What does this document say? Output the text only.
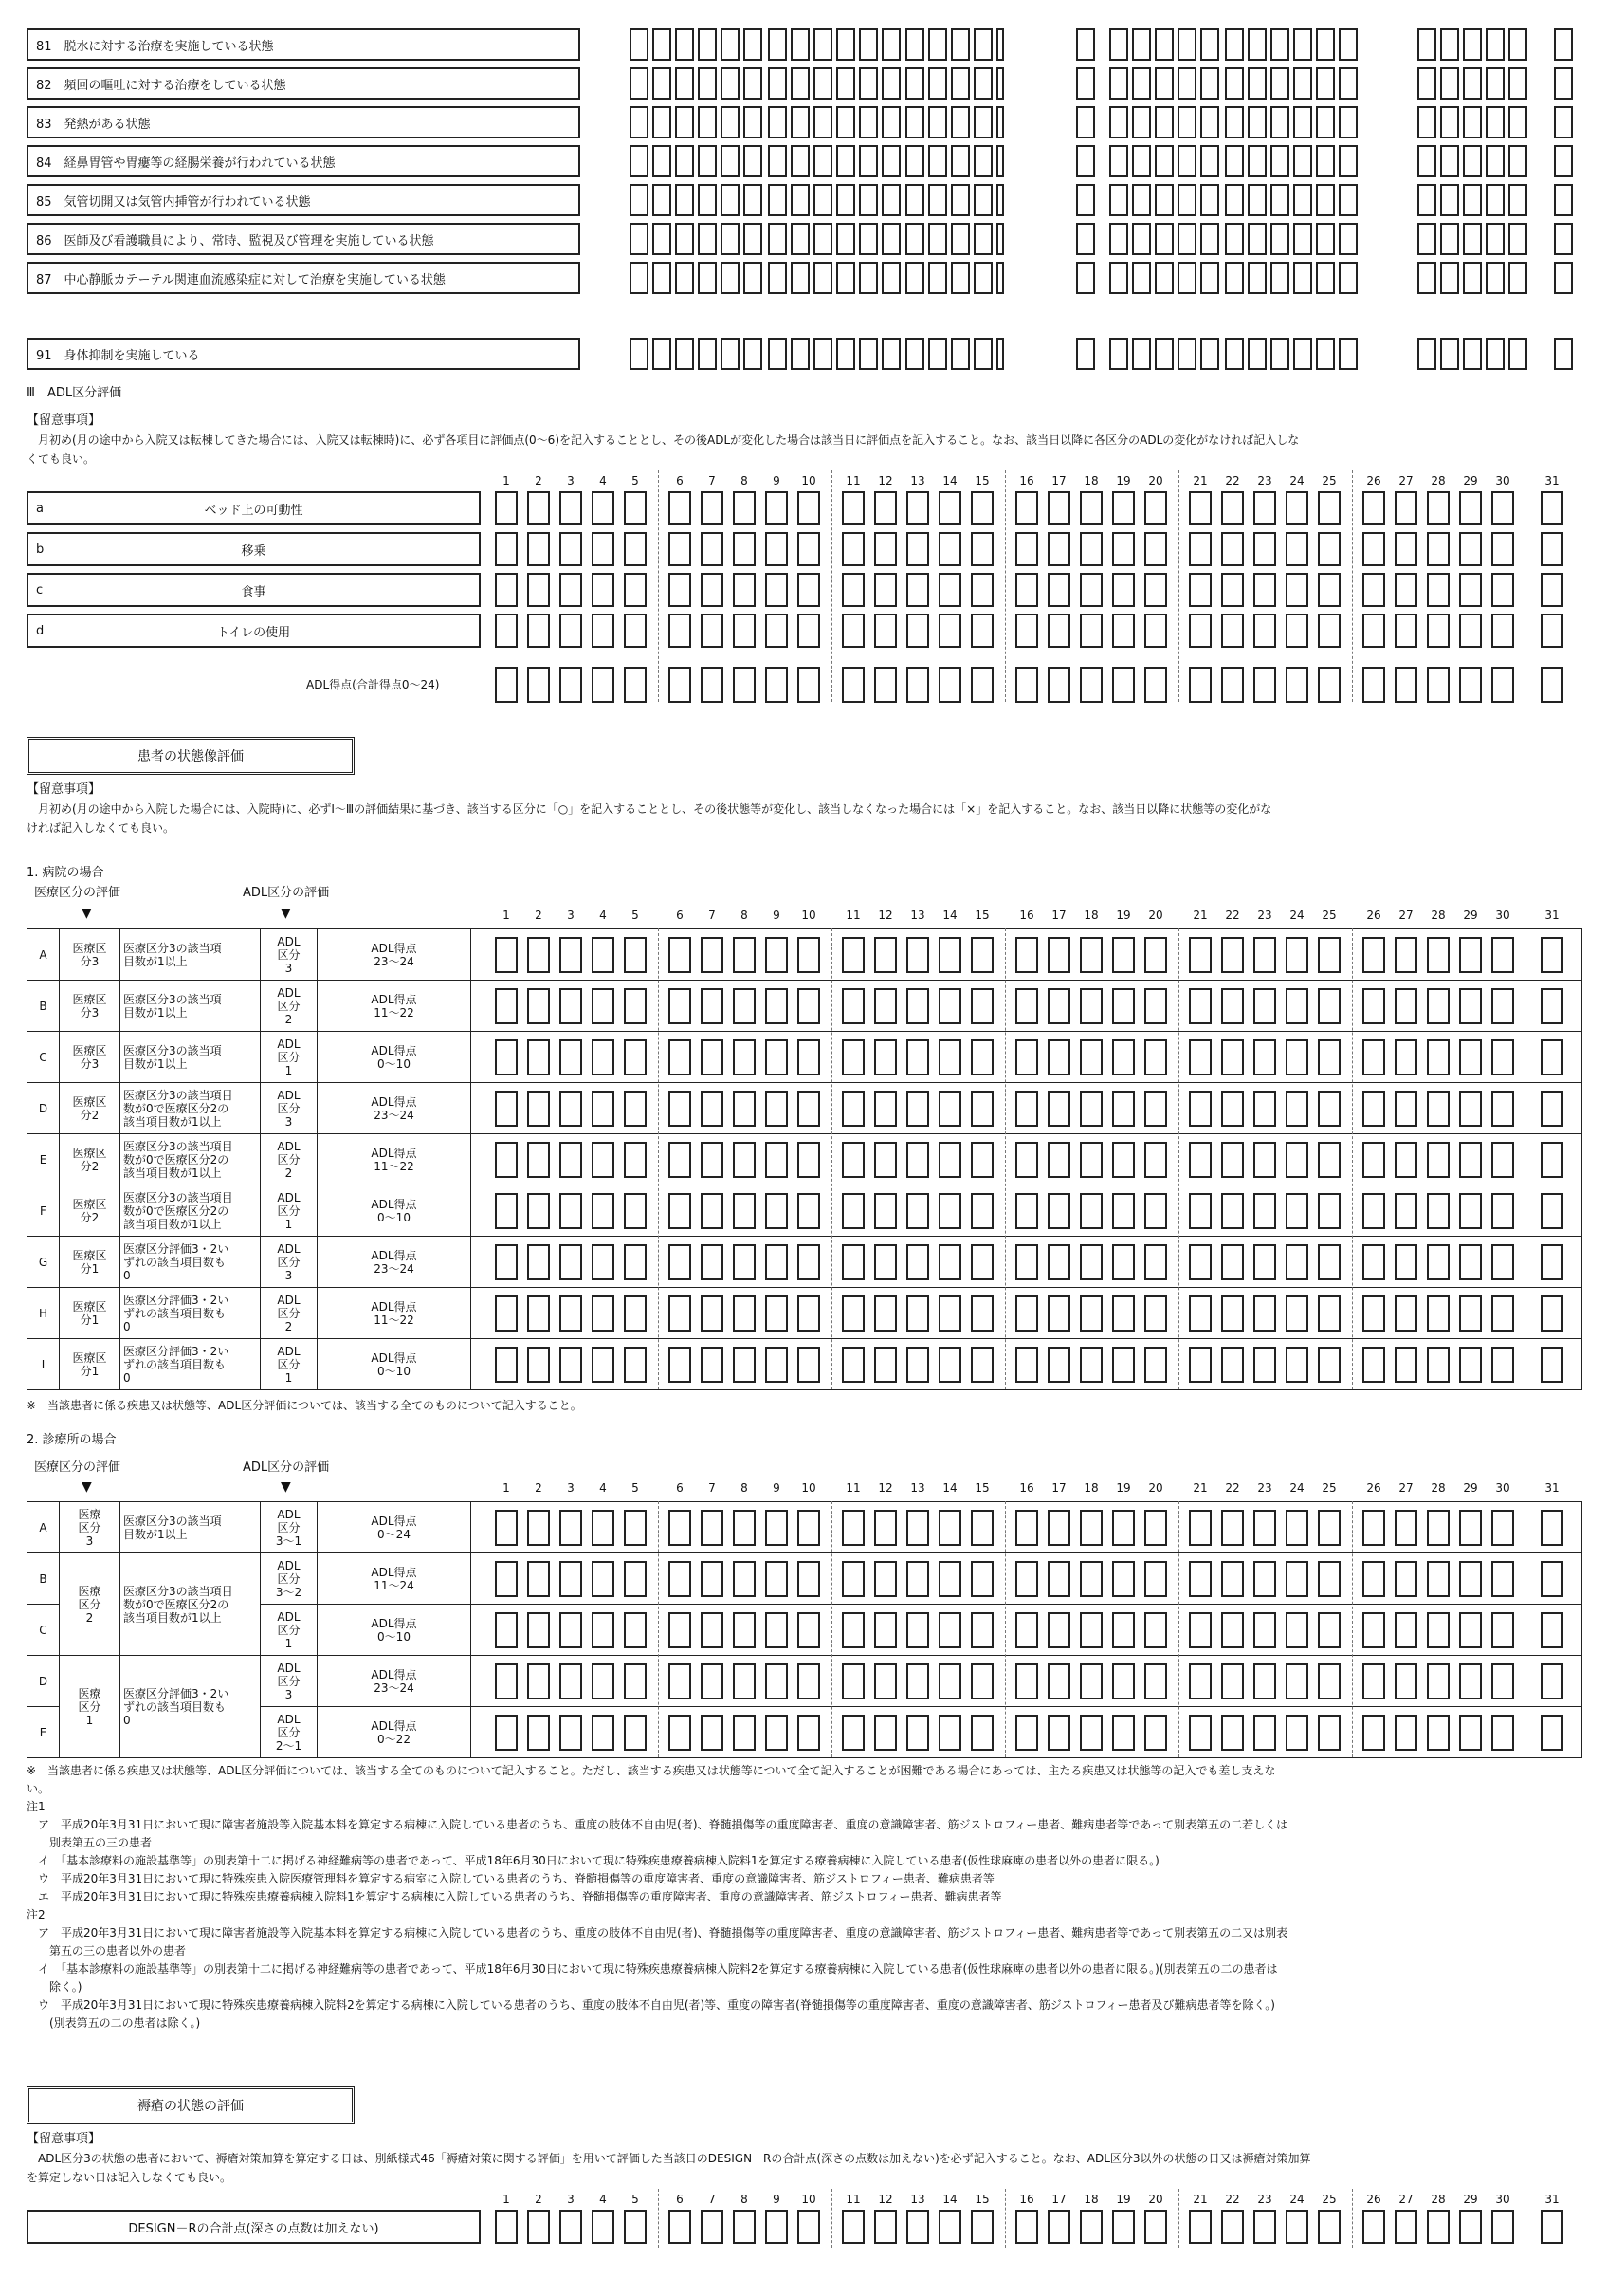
81　脱水に対する治療を実施している状態
82　頻回の嘔吐に対する治療をしている状態
83　発熱がある状態
84　経鼻胃管や胃瘻等の経腸栄養が行われている状態
85　気管切開又は気管内挿管が行われている状態
86　医師及び看護職員により、常時、監視及び管理を実施している状態
87　中心静脈カテーテル関連血流感染症に対して治療を実施している状態
91　身体抑制を実施している
Ⅲ　ADL区分評価
【留意事項】
　月初め(月の途中から入院又は転棟してきた場合には、入院又は転棟時)に、必ず各項目に評価点(0～6)を記入することとし、その後ADLが変化した場合は該当日に評価点を記入すること。なお、該当日以降に各区分のADLの変化がなければ記入しな
くても良い。
1	2	3	4	5	6	7	8	9	10	11	12	13	14	15	16	17	18	19	20	21	22	23	24	25	26	27	28	29	30	31
a	ベッド上の可動性
b	移乗
c	食事
d	トイレの使用
ADL得点(合計得点0～24)
患者の状態像評価
【留意事項】
　月初め(月の途中から入院した場合には、入院時)に、必ずⅠ～Ⅲの評価結果に基づき、該当する区分に「○」を記入することとし、その後状態等が変化し、該当しなくなった場合には「×」を記入すること。なお、該当日以降に状態等の変化がな
ければ記入しなくても良い。
1. 病院の場合
医療区分の評価	ADL区分の評価
▼	▼	1	2	3	4	5	6	7	8	9	10	11	12	13	14	15	16	17	18	19	20	21	22	23	24	25	26	27	28	29	30	31
A	医療区
分3	医療区分3の該当項
目数が1以上	ADL
区分
3	ADL得点
23～24	
B	医療区
分3	医療区分3の該当項
目数が1以上	ADL
区分
2	ADL得点
11～22	
C	医療区
分3	医療区分3の該当項
目数が1以上	ADL
区分
1	ADL得点
0～10	
D	医療区
分2	医療区分3の該当項目
数が0で医療区分2の
該当項目数が1以上	ADL
区分
3	ADL得点
23～24	
E	医療区
分2	医療区分3の該当項目
数が0で医療区分2の
該当項目数が1以上	ADL
区分
2	ADL得点
11～22	
F	医療区
分2	医療区分3の該当項目
数が0で医療区分2の
該当項目数が1以上	ADL
区分
1	ADL得点
0～10	
G	医療区
分1	医療区分評価3・2い
ずれの該当項目数も
0	ADL
区分
3	ADL得点
23～24	
H	医療区
分1	医療区分評価3・2い
ずれの該当項目数も
0	ADL
区分
2	ADL得点
11～22	
I	医療区
分1	医療区分評価3・2い
ずれの該当項目数も
0	ADL
区分
1	ADL得点
0～10	
※　当該患者に係る疾患又は状態等、ADL区分評価については、該当する全てのものについて記入すること。
2. 診療所の場合
医療区分の評価	ADL区分の評価
▼	▼	1	2	3	4	5	6	7	8	9	10	11	12	13	14	15	16	17	18	19	20	21	22	23	24	25	26	27	28	29	30	31
A	医療
区分
3	医療区分3の該当項
目数が1以上	ADL
区分
3～1	ADL得点
0～24	
B	医療
区分
2	医療区分3の該当項目
数が0で医療区分2の
該当項目数が1以上	ADL
区分
3～2	ADL得点
11～24	
C			ADL
区分
1	ADL得点
0～10	
D	医療
区分
1	医療区分評価3・2い
ずれの該当項目数も
0	ADL
区分
3	ADL得点
23～24	
E			ADL
区分
2～1	ADL得点
0～22	
※　当該患者に係る疾患又は状態等、ADL区分評価については、該当する全てのものについて記入すること。ただし、該当する疾患又は状態等について全て記入することが困難である場合にあっては、主たる疾患又は状態等の記入でも差し支えな
い。
注1
　ア　平成20年3月31日において現に障害者施設等入院基本料を算定する病棟に入院している患者のうち、重度の肢体不自由児(者)、脊髄損傷等の重度障害者、重度の意識障害者、筋ジストロフィー患者、難病患者等であって別表第五の二若しくは
　　別表第五の三の患者
　イ　「基本診療料の施設基準等」の別表第十二に掲げる神経難病等の患者であって、平成18年6月30日において現に特殊疾患療養病棟入院料1を算定する療養病棟に入院している患者(仮性球麻痺の患者以外の患者に限る。)
　ウ　平成20年3月31日において現に特殊疾患入院医療管理料を算定する病室に入院している患者のうち、脊髄損傷等の重度障害者、重度の意識障害者、筋ジストロフィー患者、難病患者等
　エ　平成20年3月31日において現に特殊疾患療養病棟入院料1を算定する病棟に入院している患者のうち、脊髄損傷等の重度障害者、重度の意識障害者、筋ジストロフィー患者、難病患者等
注2
　ア　平成20年3月31日において現に障害者施設等入院基本料を算定する病棟に入院している患者のうち、重度の肢体不自由児(者)、脊髄損傷等の重度障害者、重度の意識障害者、筋ジストロフィー患者、難病患者等であって別表第五の二又は別表
　　第五の三の患者以外の患者
　イ　「基本診療料の施設基準等」の別表第十二に掲げる神経難病等の患者であって、平成18年6月30日において現に特殊疾患療養病棟入院料2を算定する療養病棟に入院している患者(仮性球麻痺の患者以外の患者に限る。)(別表第五の二の患者は
　　除く。)
　ウ　平成20年3月31日において現に特殊疾患療養病棟入院料2を算定する病棟に入院している患者のうち、重度の肢体不自由児(者)等、重度の障害者(脊髄損傷等の重度障害者、重度の意識障害者、筋ジストロフィー患者及び難病患者等を除く。)
　　(別表第五の二の患者は除く。)
褥瘡の状態の評価
【留意事項】
　ADL区分3の状態の患者において、褥瘡対策加算を算定する日は、別紙様式46「褥瘡対策に関する評価」を用いて評価した当該日のDESIGN－Rの合計点(深さの点数は加えない)を必ず記入すること。なお、ADL区分3以外の状態の日又は褥瘡対策加算
を算定しない日は記入しなくても良い。
1	2	3	4	5	6	7	8	9	10	11	12	13	14	15	16	17	18	19	20	21	22	23	24	25	26	27	28	29	30	31
DESIGN－Rの合計点(深さの点数は加えない)
